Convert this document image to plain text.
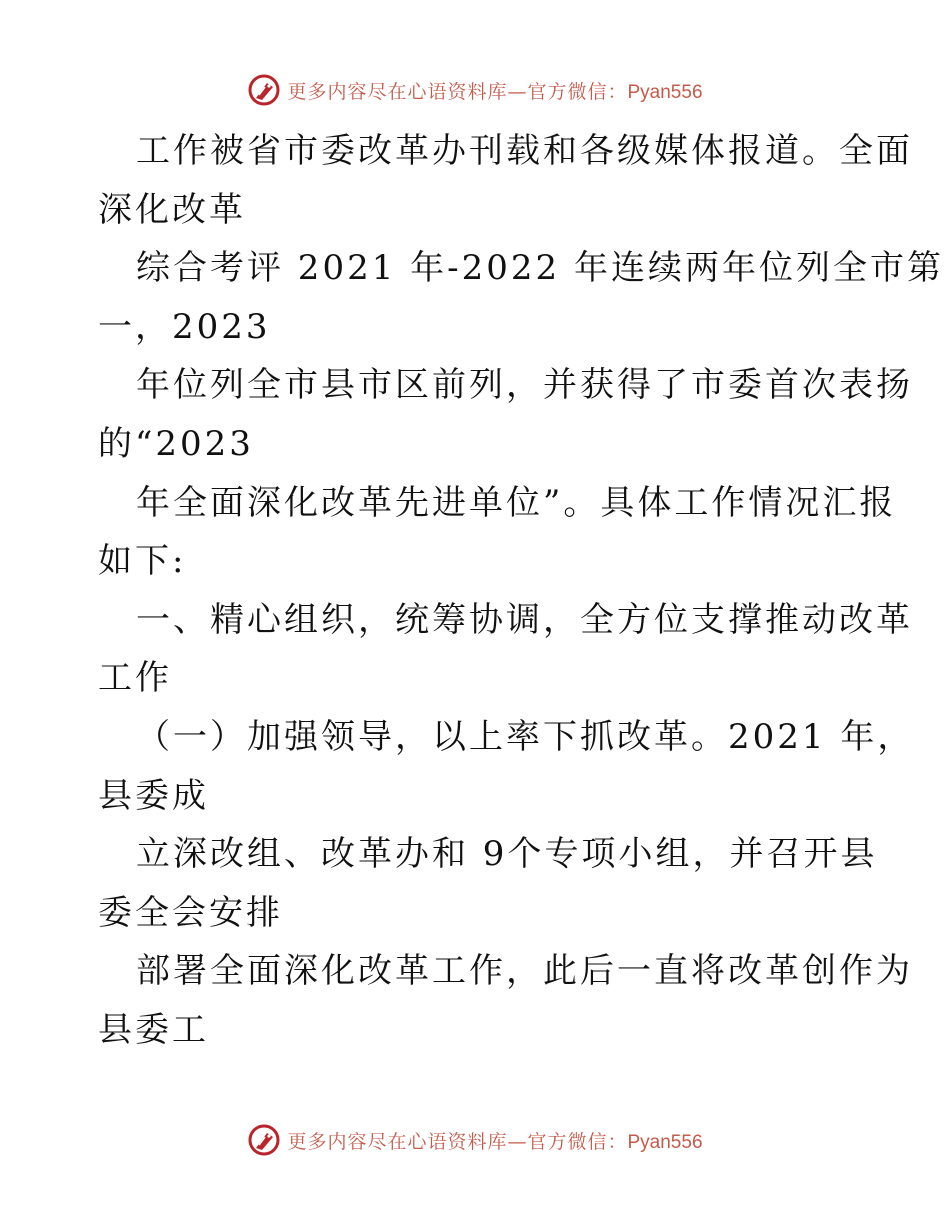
更多内容尽在心语资料库—官方微信：Pyan556
工作被省市委改革办刊载和各级媒体报道。全面
深化改革
综合考评 2021 年-2022 年连续两年位列全市第
一，2023
年位列全市县市区前列，并获得了市委首次表扬
的“2023
年全面深化改革先进单位”。具体工作情况汇报
如下:
一、精心组织，统筹协调，全方位支撑推动改革
工作
（一）加强领导，以上率下抓改革。2021 年，
县委成
立深改组、改革办和 9个专项小组，并召开县
委全会安排
部署全面深化改革工作，此后一直将改革创作为
县委工
更多内容尽在心语资料库—官方微信：Pyan556
